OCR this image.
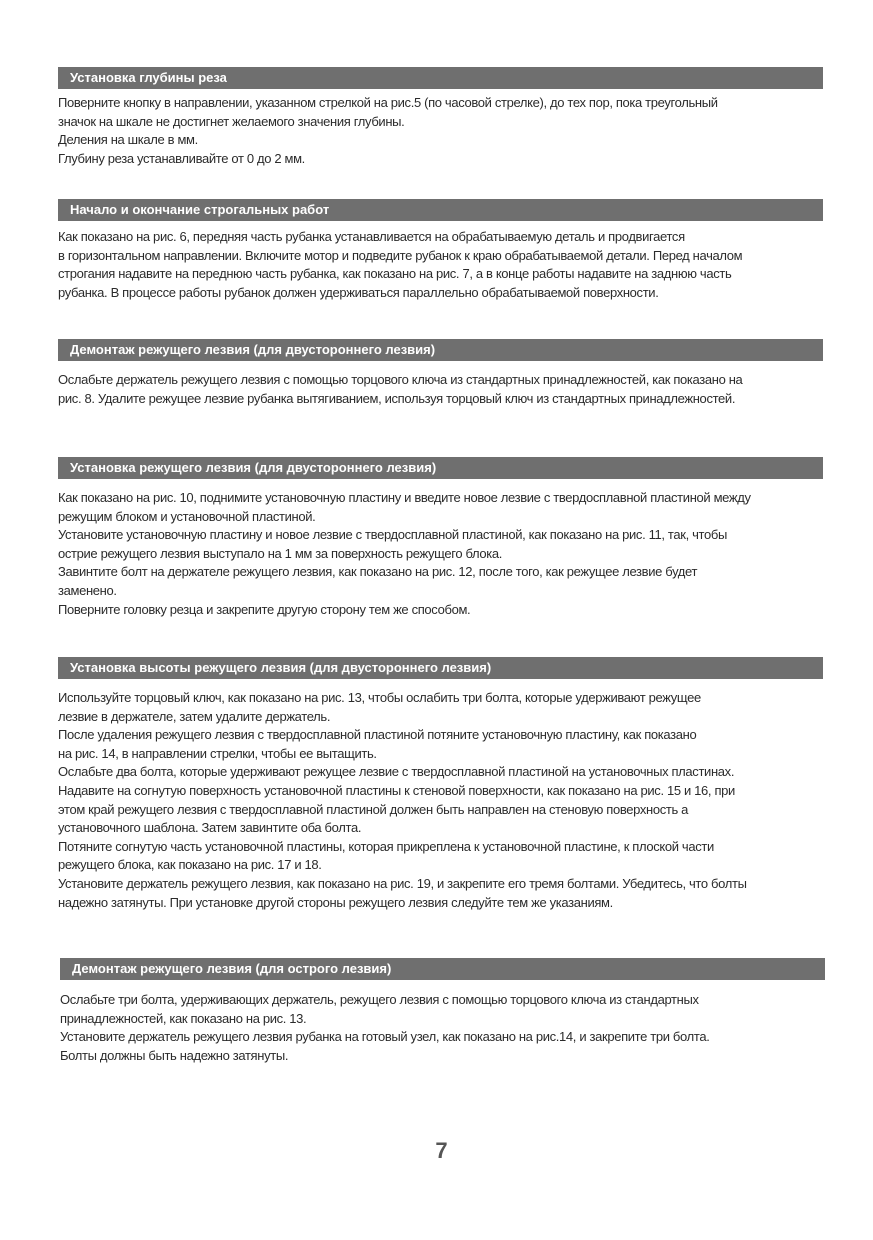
Установка глубины реза
Поверните кнопку в направлении, указанном стрелкой на рис.5 (по часовой стрелке), до тех пор, пока треугольный
значок на шкале не достигнет желаемого значения глубины.
Деления на шкале в мм.
Глубину реза устанавливайте от 0 до 2 мм.
Начало и окончание строгальных работ
Как показано на рис. 6, передняя часть рубанка устанавливается на обрабатываемую деталь и продвигается
в горизонтальном направлении. Включите мотор и подведите рубанок к краю обрабатываемой детали. Перед началом
строгания надавите на переднюю часть рубанка, как показано на рис. 7, а в конце работы надавите на заднюю часть
рубанка. В процессе работы рубанок должен удерживаться параллельно обрабатываемой поверхности.
Демонтаж режущего лезвия (для двустороннего лезвия)
Ослабьте держатель режущего лезвия с помощью торцового ключа из стандартных принадлежностей, как показано на
рис. 8. Удалите режущее лезвие рубанка вытягиванием, используя торцовый ключ из стандартных принадлежностей.
Установка режущего лезвия (для двустороннего лезвия)
Как показано на рис. 10, поднимите установочную пластину и введите новое лезвие с твердосплавной пластиной между
режущим блоком и установочной пластиной.
Установите установочную пластину и новое лезвие с твердосплавной пластиной, как показано на рис. 11, так, чтобы
острие режущего лезвия выступало на 1 мм за поверхность режущего блока.
Завинтите болт на держателе режущего лезвия, как показано на рис. 12, после того, как режущее лезвие будет
заменено.
Поверните головку резца и закрепите другую сторону тем же способом.
Установка высоты режущего лезвия (для двустороннего лезвия)
Используйте торцовый ключ, как показано на рис. 13, чтобы ослабить три болта, которые удерживают режущее
лезвие в держателе, затем удалите держатель.
После удаления режущего лезвия с твердосплавной пластиной потяните установочную пластину, как показано
на рис. 14, в направлении стрелки, чтобы ее вытащить.
Ослабьте два болта, которые удерживают режущее лезвие с твердосплавной пластиной на установочных пластинах.
Надавите на согнутую поверхность установочной пластины к стеновой поверхности, как показано на рис. 15 и 16, при
этом край режущего лезвия с твердосплавной пластиной должен быть направлен на стеновую поверхность а
установочного шаблона. Затем завинтите оба болта.
Потяните согнутую часть установочной пластины, которая прикреплена к установочной пластине, к плоской части
режущего блока, как показано на рис. 17 и 18.
Установите держатель режущего лезвия, как показано на рис. 19, и закрепите его тремя болтами. Убедитесь, что болты
надежно затянуты. При установке другой стороны режущего лезвия следуйте тем же указаниям.
Демонтаж режущего лезвия (для острого лезвия)
Ослабьте три болта, удерживающих держатель, режущего лезвия с помощью торцового ключа из стандартных
принадлежностей, как показано на рис. 13.
Установите держатель режущего лезвия рубанка на готовый узел, как показано на рис.14, и закрепите три болта.
Болты должны быть надежно затянуты.
7
